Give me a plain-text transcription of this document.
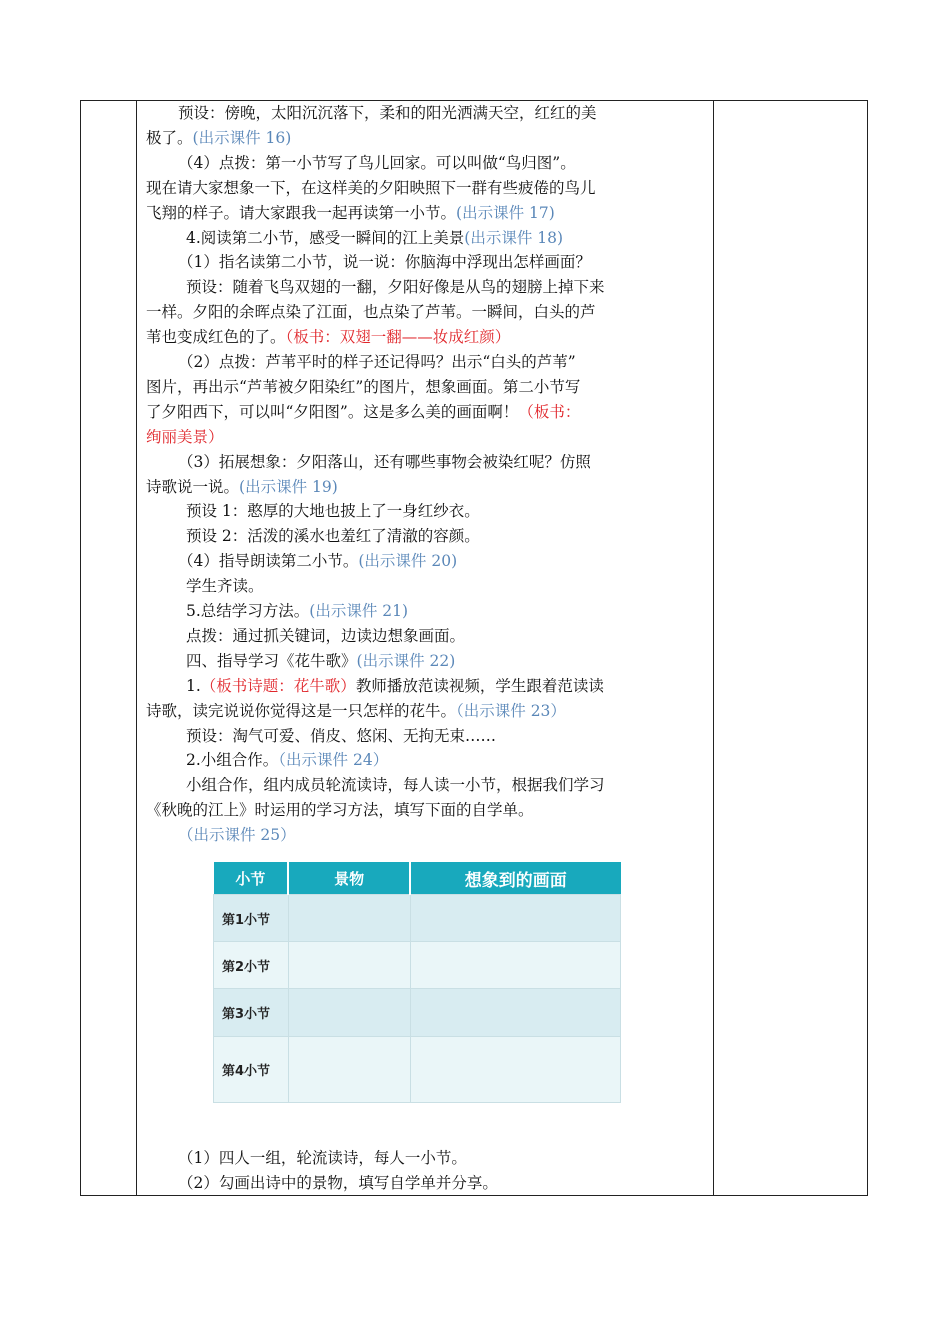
预设：傍晚，太阳沉沉落下，柔和的阳光洒满天空，红红的美
极了。(出示课件 16)
（4）点拨：第一小节写了鸟儿回家。可以叫做“鸟归图”。
现在请大家想象一下，在这样美的夕阳映照下一群有些疲倦的鸟儿
飞翔的样子。请大家跟我一起再读第一小节。(出示课件 17)
4.阅读第二小节，感受一瞬间的江上美景(出示课件 18)
（1）指名读第二小节，说一说：你脑海中浮现出怎样画面？
预设：随着飞鸟双翅的一翻，夕阳好像是从鸟的翅膀上掉下来
一样。夕阳的余晖点染了江面，也点染了芦苇。一瞬间，白头的芦
苇也变成红色的了。（板书：双翅一翻——妆成红颜）
（2）点拨：芦苇平时的样子还记得吗？出示“白头的芦苇”
图片，再出示“芦苇被夕阳染红”的图片，想象画面。第二小节写
了夕阳西下，可以叫“夕阳图”。这是多么美的画面啊！（板书：
绚丽美景）
（3）拓展想象：夕阳落山，还有哪些事物会被染红呢？仿照
诗歌说一说。(出示课件 19)
预设 1：憨厚的大地也披上了一身红纱衣。
预设 2：活泼的溪水也羞红了清澈的容颜。
（4）指导朗读第二小节。(出示课件 20)
学生齐读。
5.总结学习方法。(出示课件 21)
点拨：通过抓关键词，边读边想象画面。
四、指导学习《花牛歌》(出示课件 22)
1.（板书诗题：花牛歌）教师播放范读视频，学生跟着范读读
诗歌，读完说说你觉得这是一只怎样的花牛。（出示课件 23）
预设：淘气可爱、俏皮、悠闲、无拘无束……
2.小组合作。（出示课件 24）
小组合作，组内成员轮流读诗，每人读一小节，根据我们学习
《秋晚的江上》时运用的学习方法，填写下面的自学单。
（出示课件 25）
（1）四人一组，轮流读诗，每人一小节。
（2）勾画出诗中的景物，填写自学单并分享。
小节	景物	想象到的画面
第1小节		
第2小节		
第3小节		
第4小节		
